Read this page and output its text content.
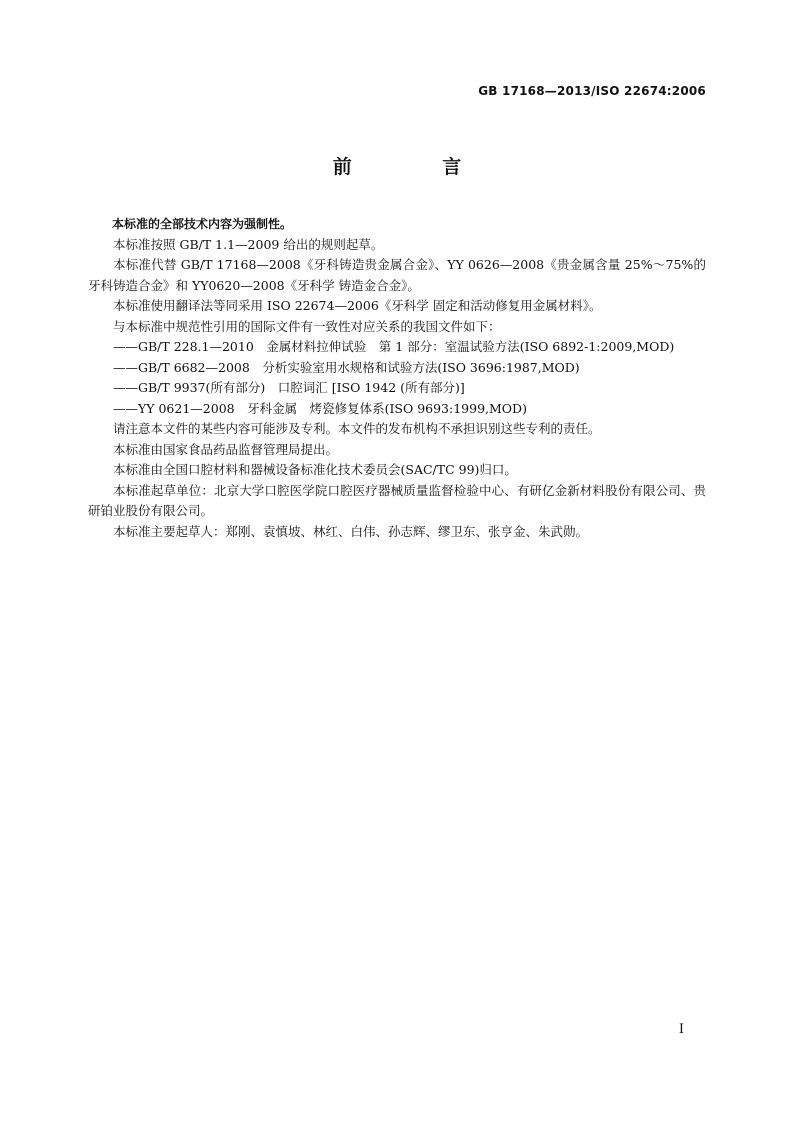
GB 17168—2013/ISO 22674:2006
前 言

本标准的全部技术内容为强制性。

本标准按照 GB/T 1.1—2009 给出的规则起草。

本标准代替 GB/T 17168—2008《牙科铸造贵金属合金》、YY 0626—2008《贵金属含量 25%～75%的牙科铸造合金》和 YY0620—2008《牙科学 铸造金合金》。

本标准使用翻译法等同采用 ISO 22674—2006《牙科学 固定和活动修复用金属材料》。

与本标准中规范性引用的国际文件有一致性对应关系的我国文件如下：

——GB/T 228.1—2010　金属材料拉伸试验　第 1 部分：室温试验方法(ISO 6892-1:2009,MOD)

——GB/T 6682—2008　分析实验室用水规格和试验方法(ISO 3696:1987,MOD)

——GB/T 9937(所有部分)　口腔词汇 [ISO 1942 (所有部分)]

——YY 0621—2008　牙科金属　烤瓷修复体系(ISO 9693:1999,MOD)

请注意本文件的某些内容可能涉及专利。本文件的发布机构不承担识别这些专利的责任。

本标准由国家食品药品监督管理局提出。

本标准由全国口腔材料和器械设备标准化技术委员会(SAC/TC 99)归口。

本标准起草单位：北京大学口腔医学院口腔医疗器械质量监督检验中心、有研亿金新材料股份有限公司、贵研铂业股份有限公司。

本标准主要起草人：郑刚、袁慎坡、林红、白伟、孙志辉、缪卫东、张亨金、朱武勋。

I
